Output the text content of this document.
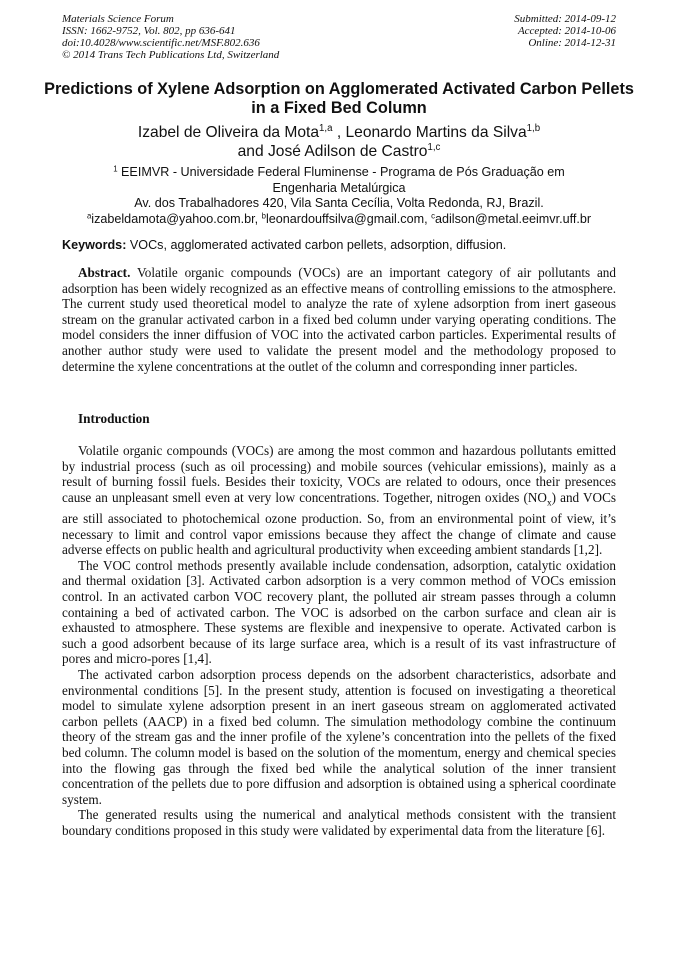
Materials Science Forum
ISSN: 1662-9752, Vol. 802, pp 636-641
doi:10.4028/www.scientific.net/MSF.802.636
© 2014 Trans Tech Publications Ltd, Switzerland
Submitted: 2014-09-12
Accepted: 2014-10-06
Online: 2014-12-31
Predictions of Xylene Adsorption on Agglomerated Activated Carbon Pellets in a Fixed Bed Column
Izabel de Oliveira da Mota$^{1,a}$ , Leonardo Martins da Silva$^{1,b}$
and José Adilson de Castro$^{1,c}$
$^1$ EEIMVR - Universidade Federal Fluminense - Programa de Pós Graduação em Engenharia Metalúrgica
Av. dos Trabalhadores 420, Vila Santa Cecília, Volta Redonda, RJ, Brazil.
$^a$izabeldamota@yahoo.com.br, $^b$leonardouffsilva@gmail.com, $^c$adilson@metal.eeimvr.uff.br
Keywords: VOCs, agglomerated activated carbon pellets, adsorption, diffusion.

Abstract. Volatile organic compounds (VOCs) are an important category of air pollutants and adsorption has been widely recognized as an effective means of controlling emissions to the atmosphere. The current study used theoretical model to analyze the rate of xylene adsorption from inert gaseous stream on the granular activated carbon in a fixed bed column under varying operating conditions. The model considers the inner diffusion of VOC into the activated carbon particles. Experimental results of another author study were used to validate the present model and the methodology proposed to determine the xylene concentrations at the outlet of the column and corresponding inner particles.

Introduction

Volatile organic compounds (VOCs) are among the most common and hazardous pollutants emitted by industrial process (such as oil processing) and mobile sources (vehicular emissions), mainly as a result of burning fossil fuels. Besides their toxicity, VOCs are related to odours, once their presences cause an unpleasant smell even at very low concentrations. Together, nitrogen oxides $(NO_x)$ and VOCs are still associated to photochemical ozone production. So, from an environmental point of view, it’s necessary to limit and control vapor emissions because they affect the change of climate and cause adverse effects on public health and agricultural productivity when exceeding ambient standards [1,2].

The VOC control methods presently available include condensation, adsorption, catalytic oxidation and thermal oxidation [3]. Activated carbon adsorption is a very common method of VOCs emission control. In an activated carbon VOC recovery plant, the polluted air stream passes through a column containing a bed of activated carbon. The VOC is adsorbed on the carbon surface and clean air is exhausted to atmosphere. These systems are flexible and inexpensive to operate. Activated carbon is such a good adsorbent because of its large surface area, which is a result of its vast infrastructure of pores and micro-pores [1,4].

The activated carbon adsorption process depends on the adsorbent characteristics, adsorbate and environmental conditions [5]. In the present study, attention is focused on investigating a theoretical model to simulate xylene adsorption present in an inert gaseous stream on agglomerated activated carbon pellets (AACP) in a fixed bed column. The simulation methodology combine the continuum theory of the stream gas and the inner profile of the xylene’s concentration into the pellets of the fixed bed column. The column model is based on the solution of the momentum, energy and chemical species into the flowing gas through the fixed bed while the analytical solution of the inner transient concentration of the pellets due to pore diffusion and adsorption is obtained using a spherical coordinate system.

The generated results using the numerical and analytical methods consistent with the transient boundary conditions proposed in this study were validated by experimental data from the literature [6].
